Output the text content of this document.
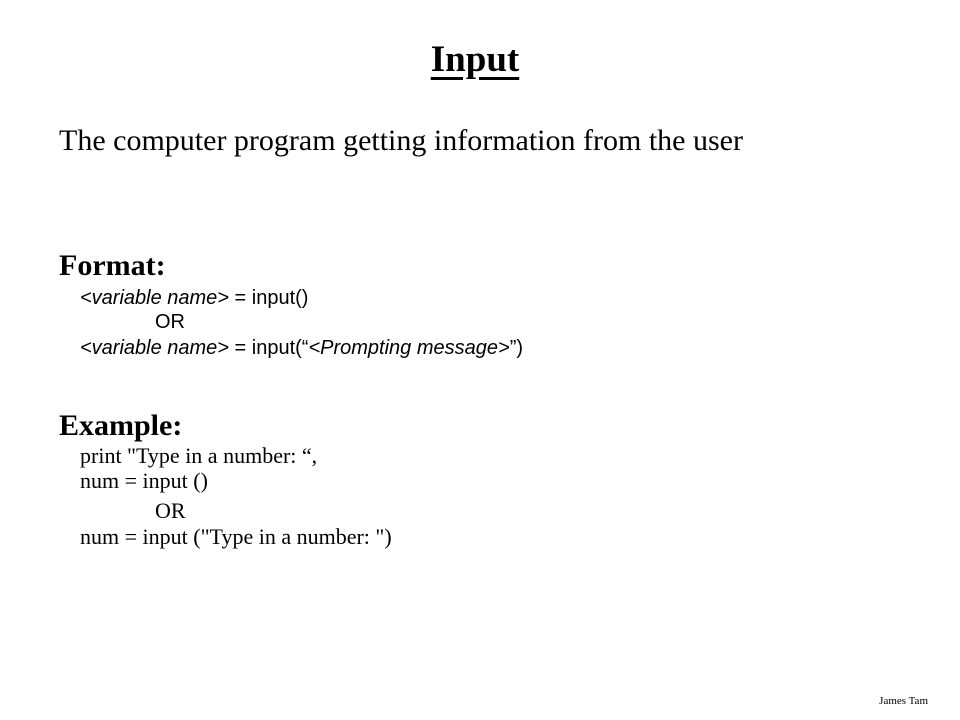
Input
The computer program getting information from the user
Format:
<variable name> = input()
OR
<variable name> = input(“<Prompting message>”)
Example:
print "Type in a number: “,
num = input ()
OR
num = input ("Type in a number: ")
James Tam
